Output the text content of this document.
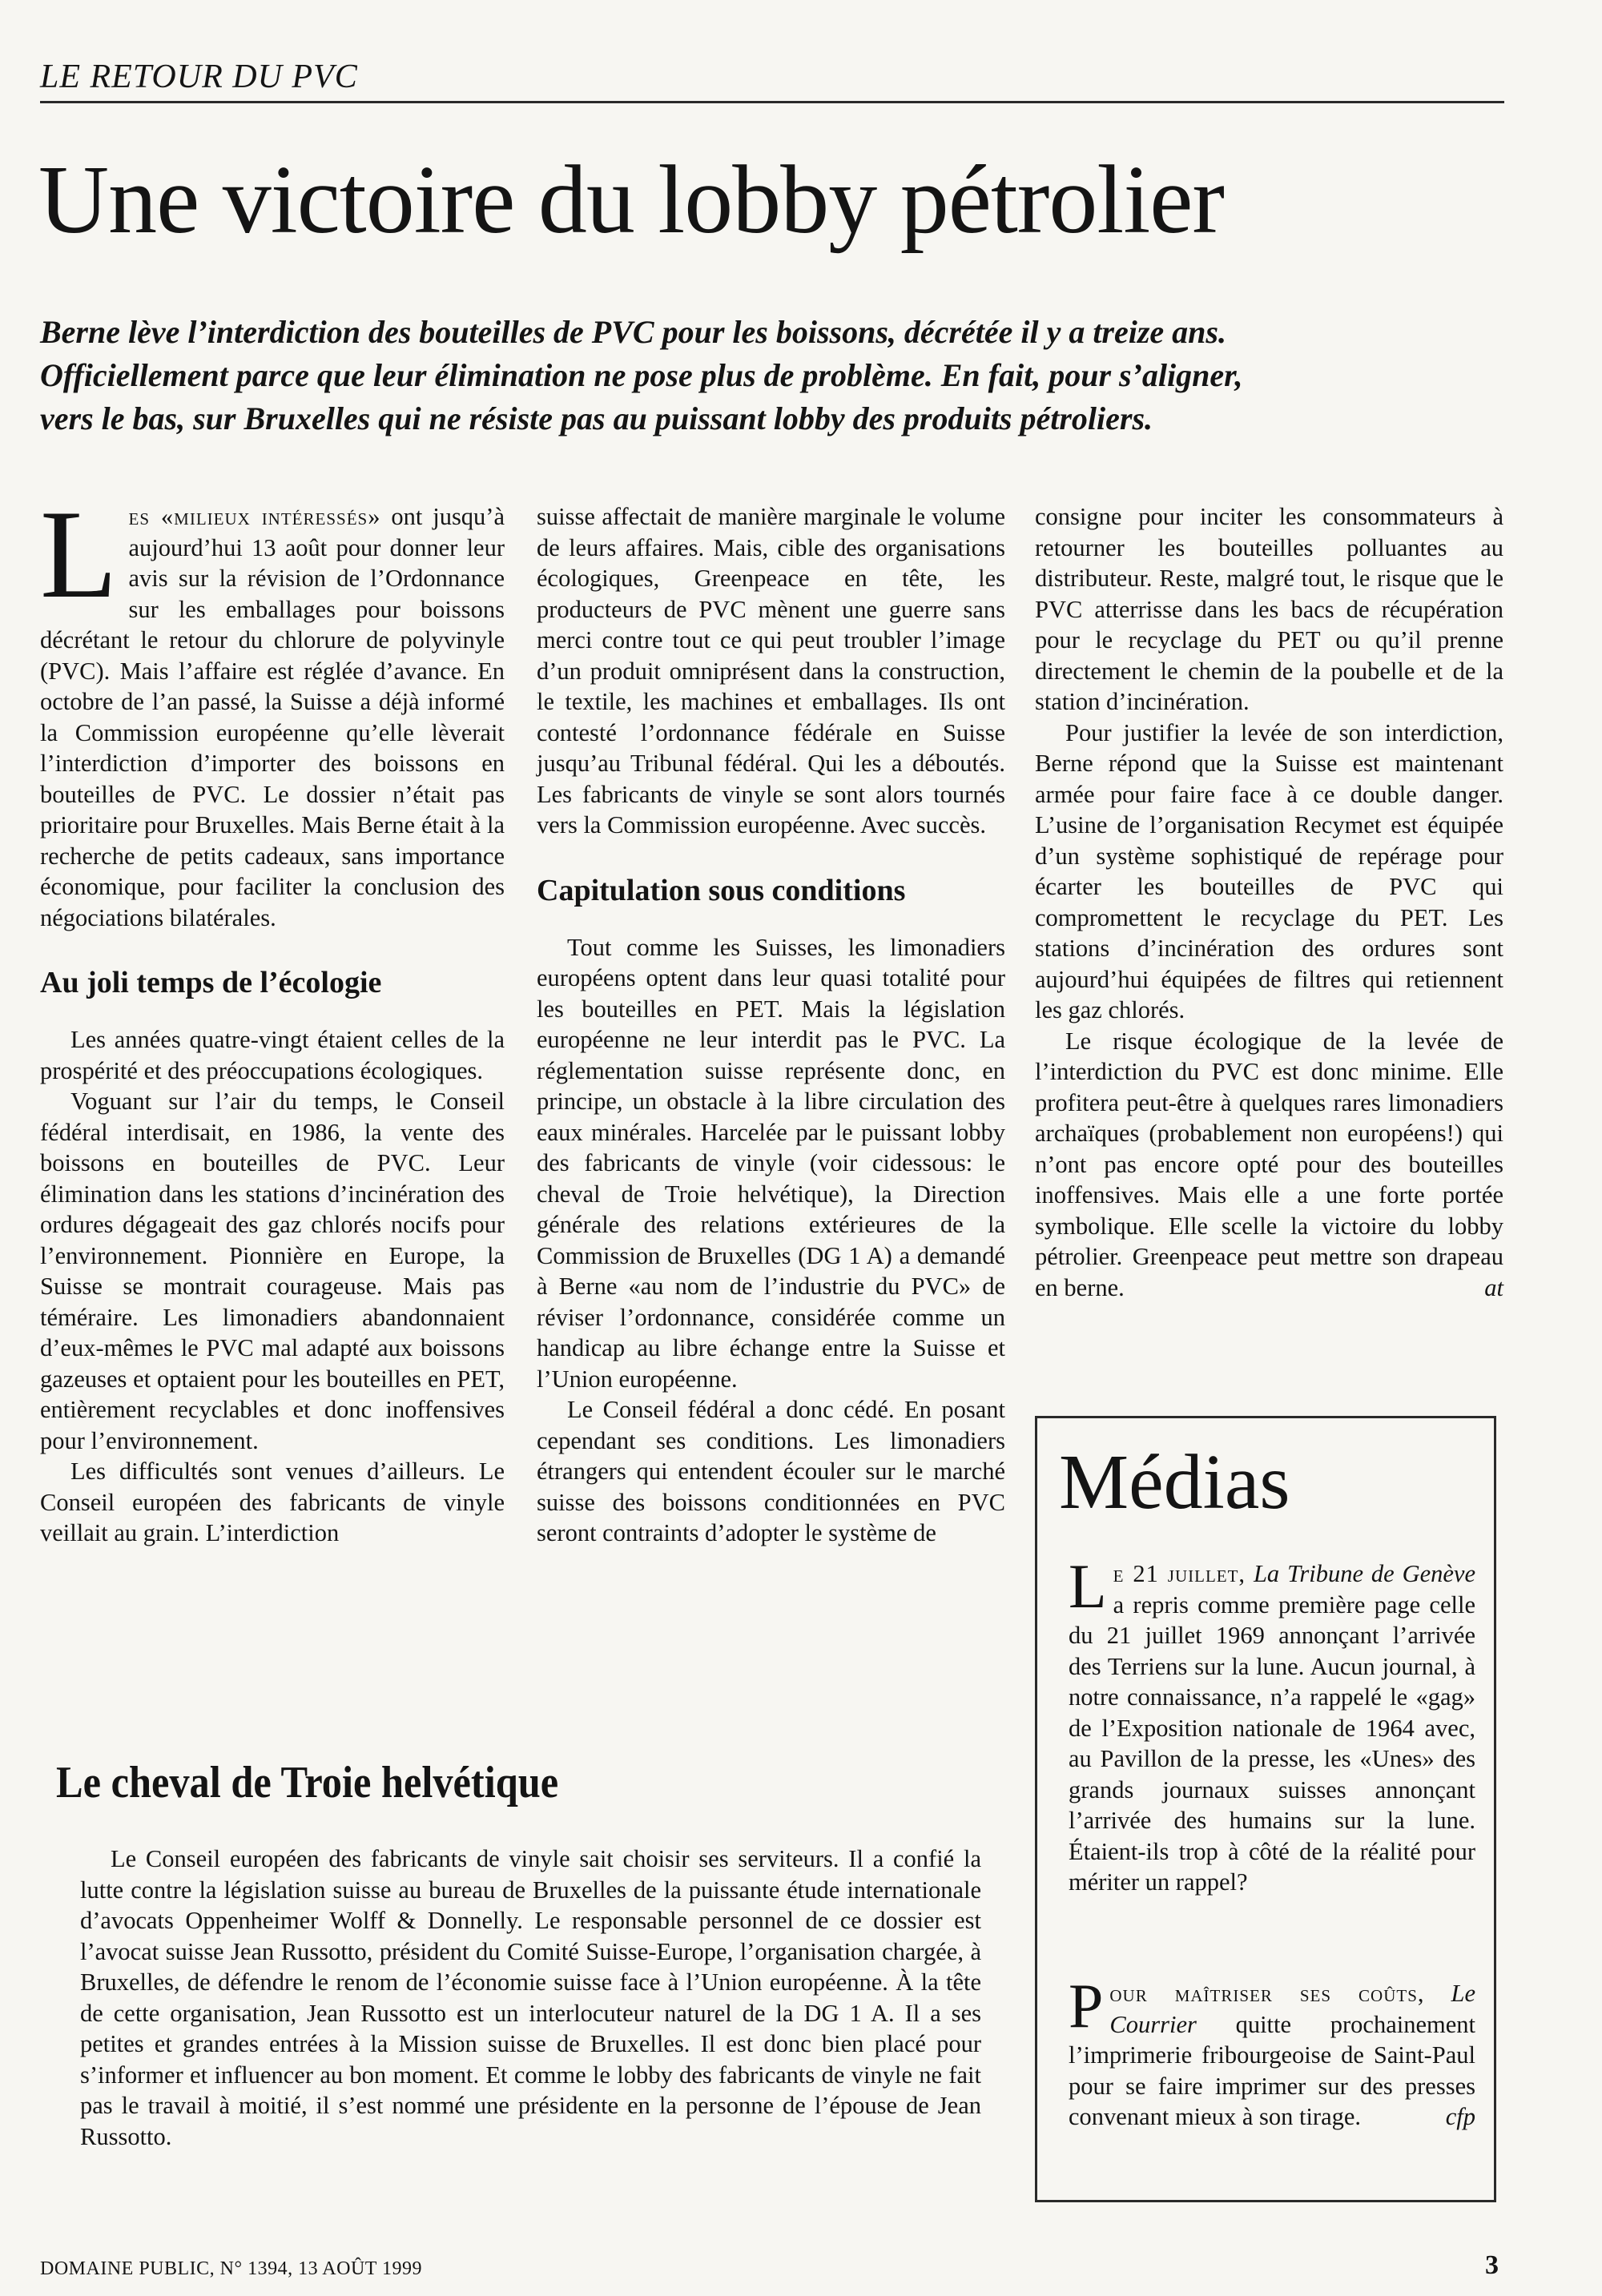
LE RETOUR DU PVC
Une victoire du lobby pétrolier
Berne lève l’interdiction des bouteilles de PVC pour les boissons, décrétée il y a treize ans. Officiellement parce que leur élimination ne pose plus de problème. En fait, pour s’aligner, vers le bas, sur Bruxelles qui ne résiste pas au puissant lobby des produits pétroliers.

Les «milieux intéressés» ont jusqu’à aujourd’hui 13 août pour donner leur avis sur la révision de l’Ordonnance sur les emballages pour boissons décrétant le retour du chlorure de polyvinyle (PVC). Mais l’affaire est réglée d’avance. En octobre de l’an passé, la Suisse a déjà informé la Commission européenne qu’elle lèverait l’interdiction d’importer des boissons en bouteilles de PVC. Le dossier n’était pas prioritaire pour Bruxelles. Mais Berne était à la recherche de petits cadeaux, sans importance économique, pour faciliter la conclusion des négociations bilatérales.

Au joli temps de l’écologie

Les années quatre-vingt étaient celles de la prospérité et des préoccupations écologiques.

Voguant sur l’air du temps, le Conseil fédéral interdisait, en 1986, la vente des boissons en bouteilles de PVC. Leur élimination dans les stations d’incinération des ordures dégageait des gaz chlorés nocifs pour l’environnement. Pionnière en Europe, la Suisse se montrait courageuse. Mais pas téméraire. Les limonadiers abandonnaient d’eux-mêmes le PVC mal adapté aux boissons gazeuses et optaient pour les bouteilles en PET, entièrement recyclables et donc inoffensives pour l’environnement.

Les difficultés sont venues d’ailleurs. Le Conseil européen des fabricants de vinyle veillait au grain. L’interdiction

suisse affectait de manière marginale le volume de leurs affaires. Mais, cible des organisations écologiques, Greenpeace en tête, les producteurs de PVC mènent une guerre sans merci contre tout ce qui peut troubler l’image d’un produit omniprésent dans la construction, le textile, les machines et emballages. Ils ont contesté l’ordonnance fédérale en Suisse jusqu’au Tribunal fédéral. Qui les a déboutés. Les fabricants de vinyle se sont alors tournés vers la Commission européenne. Avec succès.

Capitulation sous conditions

Tout comme les Suisses, les limonadiers européens optent dans leur quasi totalité pour les bouteilles en PET. Mais la législation européenne ne leur interdit pas le PVC. La réglementation suisse représente donc, en principe, un obstacle à la libre circulation des eaux minérales. Harcelée par le puissant lobby des fabricants de vinyle (voir cidessous: le cheval de Troie helvétique), la Direction générale des relations extérieures de la Commission de Bruxelles (DG 1 A) a demandé à Berne «au nom de l’industrie du PVC» de réviser l’ordonnance, considérée comme un handicap au libre échange entre la Suisse et l’Union européenne.

Le Conseil fédéral a donc cédé. En posant cependant ses conditions. Les limonadiers étrangers qui entendent écouler sur le marché suisse des boissons conditionnées en PVC seront contraints d’adopter le système de

consigne pour inciter les consommateurs à retourner les bouteilles polluantes au distributeur. Reste, malgré tout, le risque que le PVC atterrisse dans les bacs de récupération pour le recyclage du PET ou qu’il prenne directement le chemin de la poubelle et de la station d’incinération.

Pour justifier la levée de son interdiction, Berne répond que la Suisse est maintenant armée pour faire face à ce double danger. L’usine de l’organisation Recymet est équipée d’un système sophistiqué de repérage pour écarter les bouteilles de PVC qui compromettent le recyclage du PET. Les stations d’incinération des ordures sont aujourd’hui équipées de filtres qui retiennent les gaz chlorés.

Le risque écologique de la levée de l’interdiction du PVC est donc minime. Elle profitera peut-être à quelques rares limonadiers archaïques (probablement non européens!) qui n’ont pas encore opté pour des bouteilles inoffensives. Mais elle a une forte portée symbolique. Elle scelle la victoire du lobby pétrolier. Greenpeace peut mettre son drapeau en berne.	at

Le cheval de Troie helvétique

Le Conseil européen des fabricants de vinyle sait choisir ses serviteurs. Il a confié la lutte contre la législation suisse au bureau de Bruxelles de la puissante étude internationale d’avocats Oppenheimer Wolff & Donnelly. Le responsable personnel de ce dossier est l’avocat suisse Jean Russotto, président du Comité Suisse-Europe, l’organisation chargée, à Bruxelles, de défendre le renom de l’économie suisse face à l’Union européenne. À la tête de cette organisation, Jean Russotto est un interlocuteur naturel de la DG 1 A. Il a ses petites et grandes entrées à la Mission suisse de Bruxelles. Il est donc bien placé pour s’informer et influencer au bon moment. Et comme le lobby des fabricants de vinyle ne fait pas le travail à moitié, il s’est nommé une présidente en la personne de l’épouse de Jean Russotto.

Médias
Le 21 juillet, La Tribune de Genève a repris comme première page celle du 21 juillet 1969 annonçant l’arrivée des Terriens sur la lune. Aucun journal, à notre connaissance, n’a rappelé le «gag» de l’Exposition nationale de 1964 avec, au Pavillon de la presse, les «Unes» des grands journaux suisses annonçant l’arrivée des humains sur la lune. Étaient-ils trop à côté de la réalité pour mériter un rappel?
Pour maîtriser ses coûts, Le Courrier quitte prochainement l’imprimerie fribourgeoise de Saint-Paul pour se faire imprimer sur des presses convenant mieux à son tirage.	cfp
DOMAINE PUBLIC, N° 1394, 13 AOÛT 1999	3
